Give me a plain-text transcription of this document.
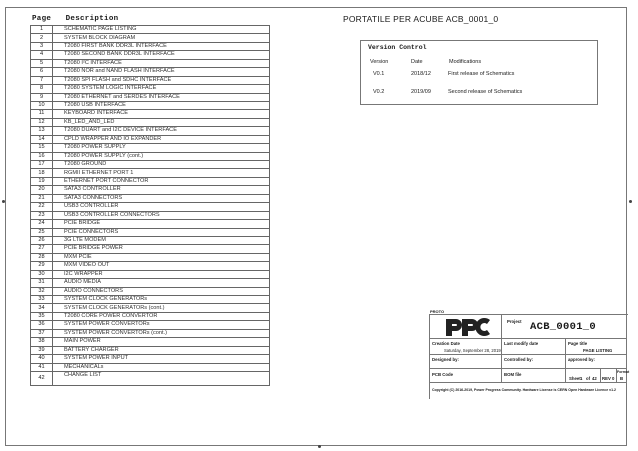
Page Description
1	SCHEMATIC PAGE LISTING
2	SYSTEM BLOCK DIAGRAM
3	T2080 FIRST BANK DDR3L INTERFACE
4	T2080 SECOND BANK DDR3L INTERFACE
5	T2080 I²C INTERFACE
6	T2080 NOR and NAND FLASH INTERFACE
7	T2080 SPI FLASH and SDHC INTERFACE
8	T2080 SYSTEM LOGIC INTERFACE
9	T2080 ETHERNET and SERDES INTERFACE
10	T2080 USB INTERFACE
11	KEYBOARD INTERFACE
12	KB_LED_AND_LED
13	T2080 DUART and I2C DEVICE INTERFACE
14	CPLD WRAPPER AND IO EXPANDER
15	T2080 POWER SUPPLY
16	T2080 POWER SUPPLY (cont.)
17	T2080 GROUND
18	RGMII ETHERNET PORT 1
19	ETHERNET PORT CONNECTOR
20	SATA3 CONTROLLER
21	SATA3 CONNECTORS
22	USB3 CONTROLLER
23	USB3 CONTROLLER CONNECTORS
24	PCIE BRIDGE
25	PCIE CONNECTORS
26	3G LTE MODEM
27	PCIE BRIDGE POWER
28	MXM PCIE
29	MXM VIDEO OUT
30	I2C WRAPPER
31	AUDIO MEDIA
32	AUDIO CONNECTORS
33	SYSTEM CLOCK GENERATORs
34	SYSTEM CLOCK GENERATORs (cont.)
35	T2080 CORE POWER CONVERTOR
36	SYSTEM POWER CONVERTORs
37	SYSTEM POWER CONVERTORs (cont.)
38	MAIN POWER
39	BATTERY CHARGER
40	SYSTEM POWER INPUT
41	MECHANICALs
42	CHANGE LIST
PORTATILE PER ACUBE ACB_0001_0
Version Control
Version	Date	Modifications
V0.1	2018/12	First release of Schematics
V0.2	2019/09	Second release of Schematics
PROTO
Project ACB_0001_0
Creation Date
Saturday, September 28, 2019
Last modify date	Page title
PAGE LISTING
Designed by:	Controlled by:	approved by:
PCB Code	BOM file
Sheet 1 of 42 REV 0
Format
B
Copyright (C) 2016-2019, Power Progress Community. Hardware License is CERN Open Hardware Licence v1.2
